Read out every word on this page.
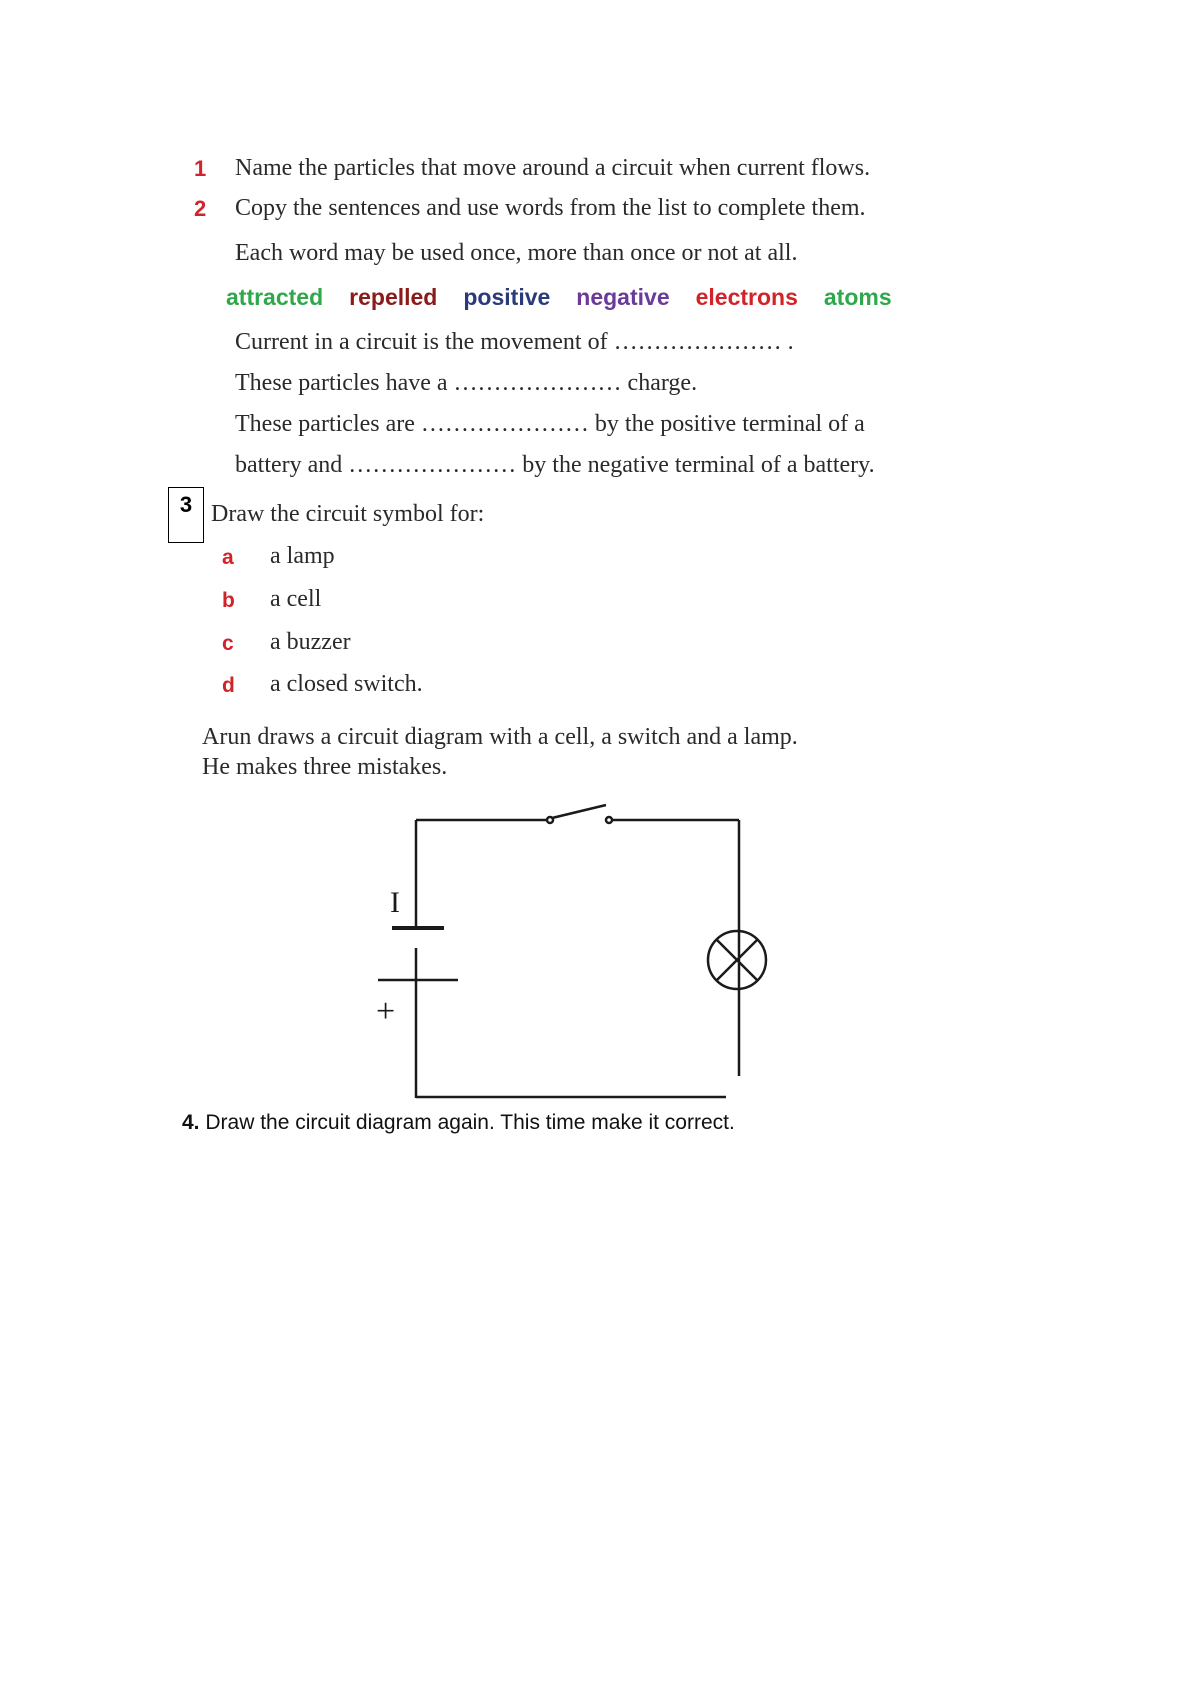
1 Name the particles that move around a circuit when current flows.
2 Copy the sentences and use words from the list to complete them.
Each word may be used once, more than once or not at all.
attracted repelled positive negative electrons atoms
Current in a circuit is the movement of ………………… .
These particles have a ………………… charge.
These particles are ………………… by the positive terminal of a
battery and ………………… by the negative terminal of a battery.
3 Draw the circuit symbol for:
a a lamp
b a cell
c a buzzer
d a closed switch.
Arun draws a circuit diagram with a cell, a switch and a lamp.
He makes three mistakes.
I
+
4. Draw the circuit diagram again. This time make it correct.
